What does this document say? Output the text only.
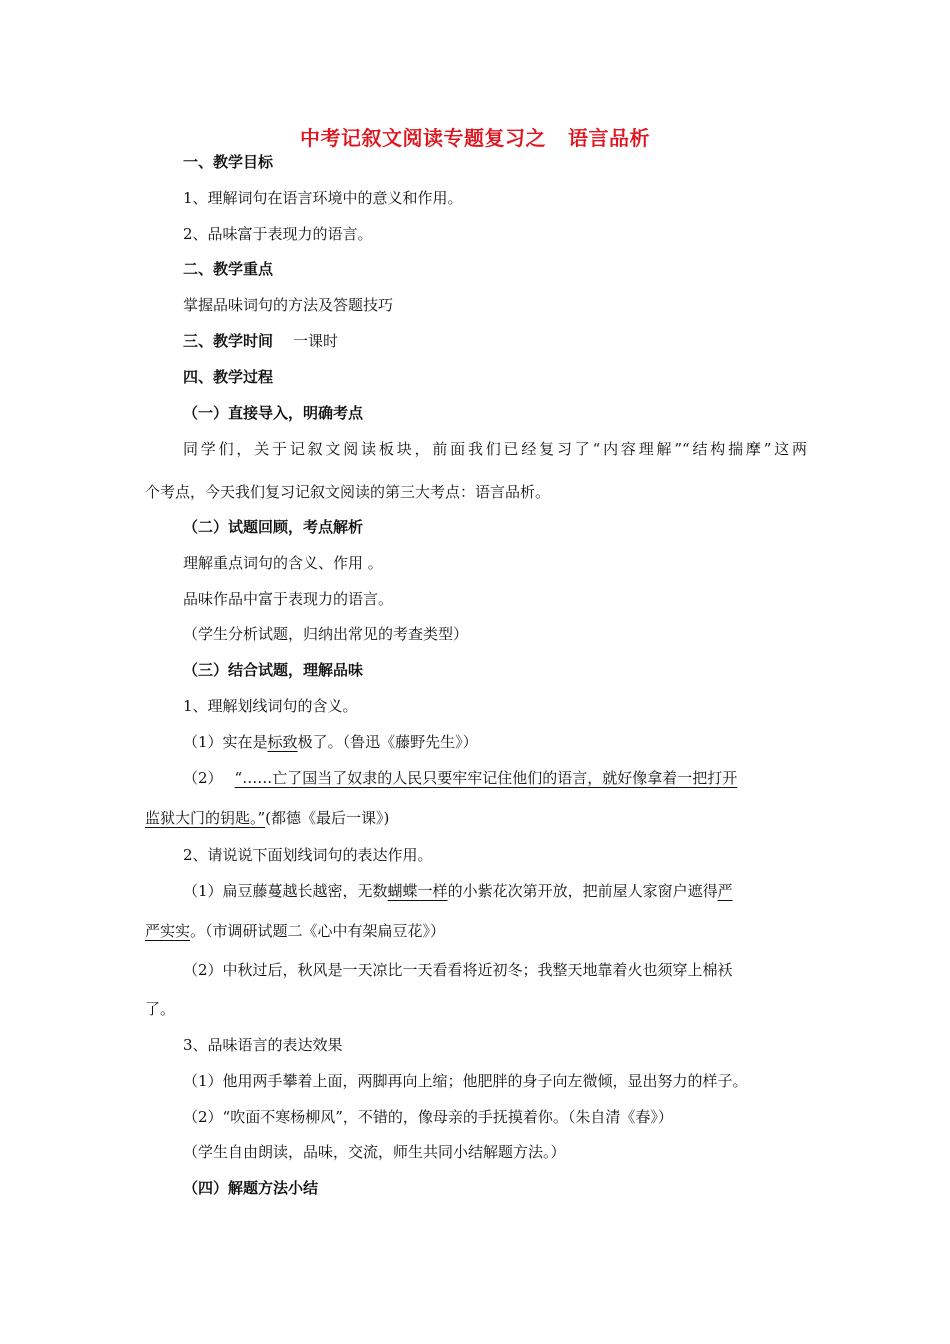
中考记叙文阅读专题复习之 语言品析
一、教学目标
1、理解词句在语言环境中的意义和作用。
2、品味富于表现力的语言。
二、教学重点
掌握品味词句的方法及答题技巧
三、教学时间 一课时
四、教学过程
（一）直接导入，明确考点
同学们，关于记叙文阅读板块，前面我们已经复习了“内容理解”“结构揣摩”这两
个考点，今天我们复习记叙文阅读的第三大考点：语言品析。
（二）试题回顾，考点解析
理解重点词句的含义、作用 。
品味作品中富于表现力的语言。
（学生分析试题，归纳出常见的考查类型）
（三）结合试题，理解品味
1、理解划线词句的含义。
（1）实在是标致极了。（鲁迅《藤野先生》）
（2） “……亡了国当了奴隶的人民只要牢牢记住他们的语言，就好像拿着一把打开
监狱大门的钥匙。”(都德《最后一课》)
2、请说说下面划线词句的表达作用。
（1）扁豆藤蔓越长越密，无数蝴蝶一样的小紫花次第开放，把前屋人家窗户遮得严
严实实。（市调研试题二《心中有架扁豆花》）
（2）中秋过后，秋风是一天凉比一天看看将近初冬；我整天地靠着火也须穿上棉袄
了。
3、品味语言的表达效果
（1）他用两手攀着上面，两脚再向上缩；他肥胖的身子向左微倾，显出努力的样子。
（2）“吹面不寒杨柳风”，不错的，像母亲的手抚摸着你。（朱自清《春》）
（学生自由朗读，品味，交流，师生共同小结解题方法。）
（四）解题方法小结
